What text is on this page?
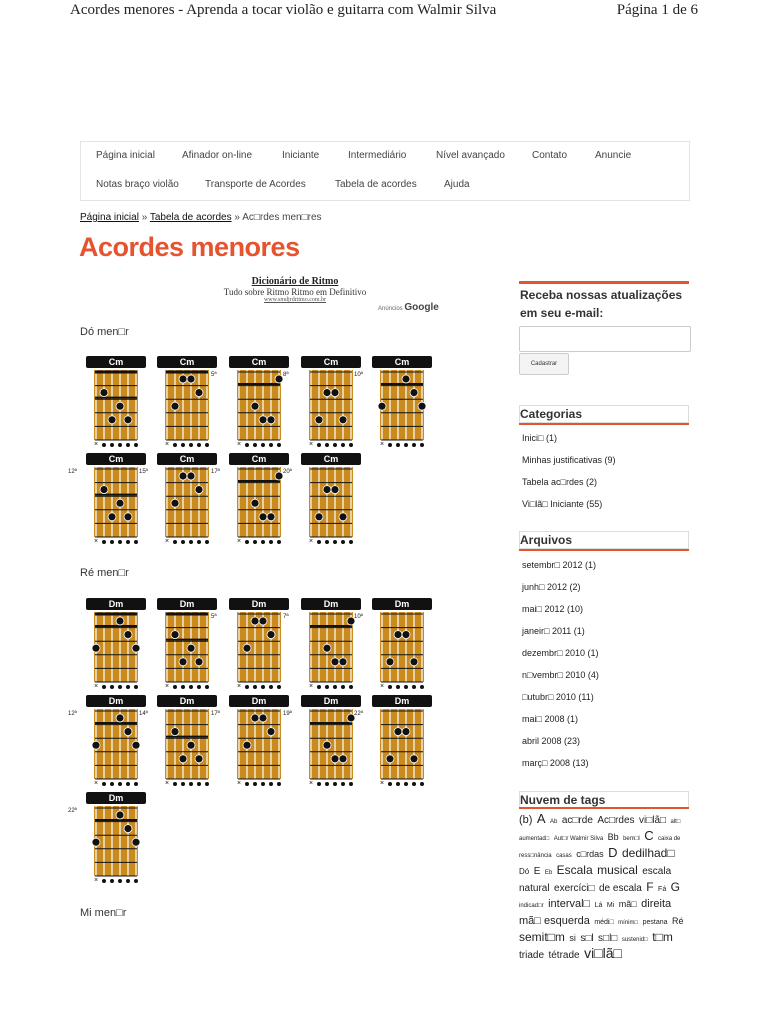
Acordes menores - Aprenda a tocar violão e guitarra com Walmir Silva	Página 1 de 6
Página inicial	Afinador on-line	Iniciante	Intermediário	Nível avançado	Contato	Anuncie
Notas braço violão	Transporte de Acordes	Tabela de acordes	Ajuda
Página inicial » Tabela de acordes » Ac□rdes men□res
Acordes menores
Dicionário de Ritmo
Tudo sobre Ritmo Ritmo em Definitivo
www.smdjrdritmo.com.br
Anúncios Google
Dó men□r
Ré men□r
Mi men□r
Cm
×
Cm
×
Cm
5ª
×
Cm
8ª
×
Cm
10ª
×
Cm
12ª
×
Cm
15ª
×
Cm
17ª
×
Cm
20ª
×
Dm
×
Dm
×
Dm
5ª
×
Dm
7ª
×
Dm
10ª
×
Dm
12ª
×
Dm
14ª
×
Dm
17ª
×
Dm
19ª
×
Dm
22ª
×
Dm
22ª
×
Receba nossas atualizações
em seu e-mail:
Cadastrar
Categorias
Inici□ (1)
Minhas justificativas (9)
Tabela ac□rdes (2)
Vi□lã□ Iniciante (55)
Arquivos
setembr□ 2012 (1)
junh□ 2012 (2)
mai□ 2012 (10)
janeir□ 2011 (1)
dezembr□ 2010 (1)
n□vembr□ 2010 (4)
□utubr□ 2010 (11)
mai□ 2008 (1)
abril 2008 (23)
març□ 2008 (13)
Nuvem de tags
(b) A Ab ac□rde Ac□rdes vi□lã□ alt□ aumentad□ Aut□r Walmir Silva Bb bem□l C caixa de ress□nância casas c□rdas D dedilhad□ Dó E Eb Escala musical escala natural exercíci□ de escala F Fá G indicad□r interval□ Lá Mi mã□ direita mã□ esquerda médi□ mínim□ pestana Ré semit□m si s□l s□l□ sustenid□ t□m triade tétrade vi□lã□
